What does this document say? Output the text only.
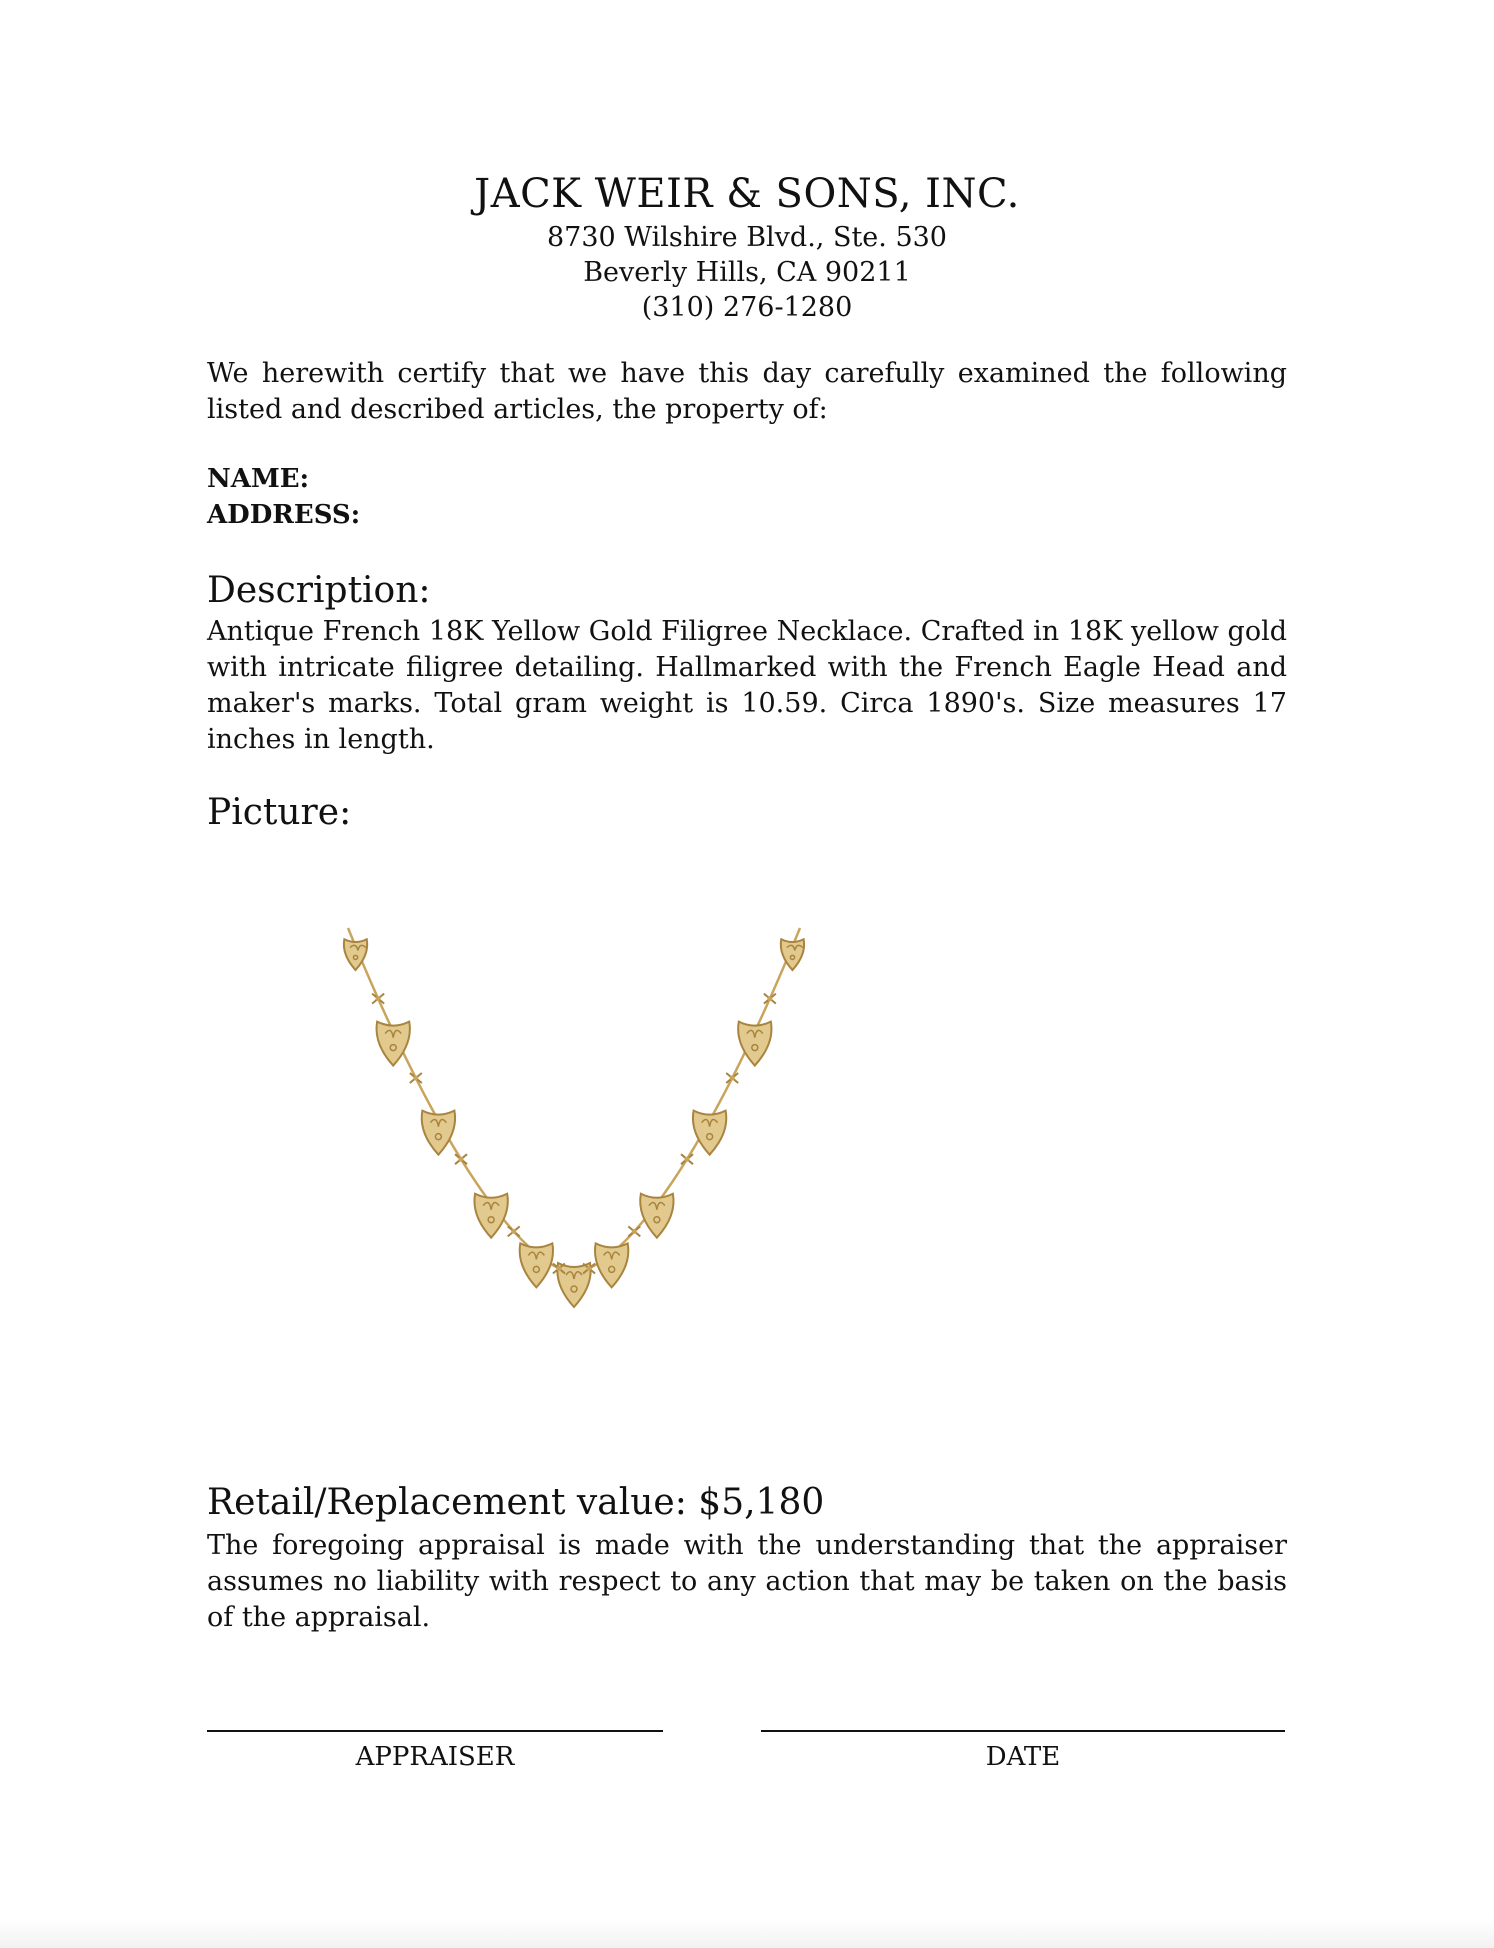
JACK WEIR & SONS, INC.
8730 Wilshire Blvd., Ste. 530
Beverly Hills, CA 90211
(310) 276-1280
We herewith certify that we have this day carefully examined the following listed and described articles, the property of:
NAME:
ADDRESS:
Description:
Antique French 18K Yellow Gold Filigree Necklace. Crafted in 18K yellow gold with intricate filigree detailing. Hallmarked with the French Eagle Head and maker's marks. Total gram weight is 10.59. Circa 1890's. Size measures 17 inches in length.
Picture:
Retail/Replacement value: $5,180
The foregoing appraisal is made with the understanding that the appraiser assumes no liability with respect to any action that may be taken on the basis of the appraisal.
APPRAISER	DATE
